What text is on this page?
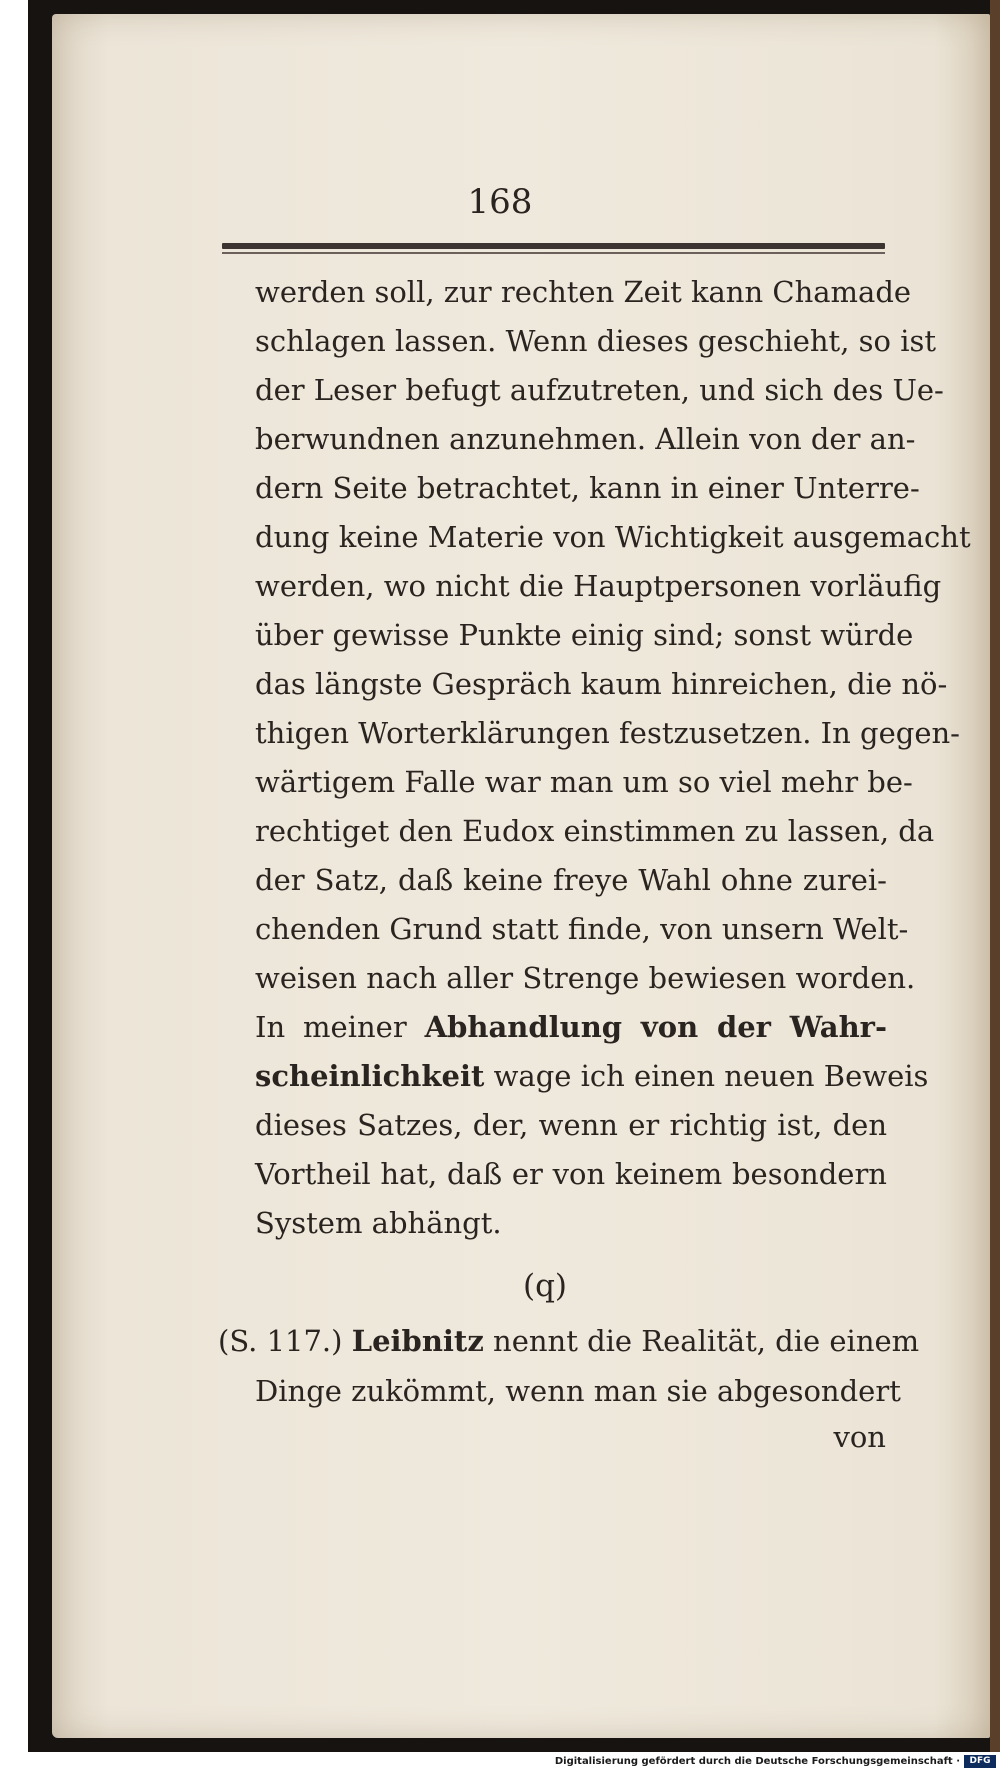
168
werden soll, zur rechten Zeit kann Chamade
schlagen lassen. Wenn dieses geschieht, so ist
der Leser befugt aufzutreten, und sich des Ue-
berwundnen anzunehmen. Allein von der an-
dern Seite betrachtet, kann in einer Unterre-
dung keine Materie von Wichtigkeit ausgemacht
werden, wo nicht die Hauptpersonen vorläufig
über gewisse Punkte einig sind; sonst würde
das längste Gespräch kaum hinreichen, die nö-
thigen Worterklärungen festzusetzen. In gegen-
wärtigem Falle war man um so viel mehr be-
rechtiget den Eudox einstimmen zu lassen, da
der Satz, daß keine freye Wahl ohne zurei-
chenden Grund statt finde, von unsern Welt-
weisen nach aller Strenge bewiesen worden.
In meiner Abhandlung von der Wahr-
scheinlichkeit wage ich einen neuen Beweis
dieses Satzes, der, wenn er richtig ist, den
Vortheil hat, daß er von keinem besondern
System abhängt.
(q)
(S. 117.) Leibnitz nennt die Realität, die einem
Dinge zukömmt, wenn man sie abgesondert
von
Digitalisierung gefördert durch die Deutsche Forschungsgemeinschaft ·	DFG
